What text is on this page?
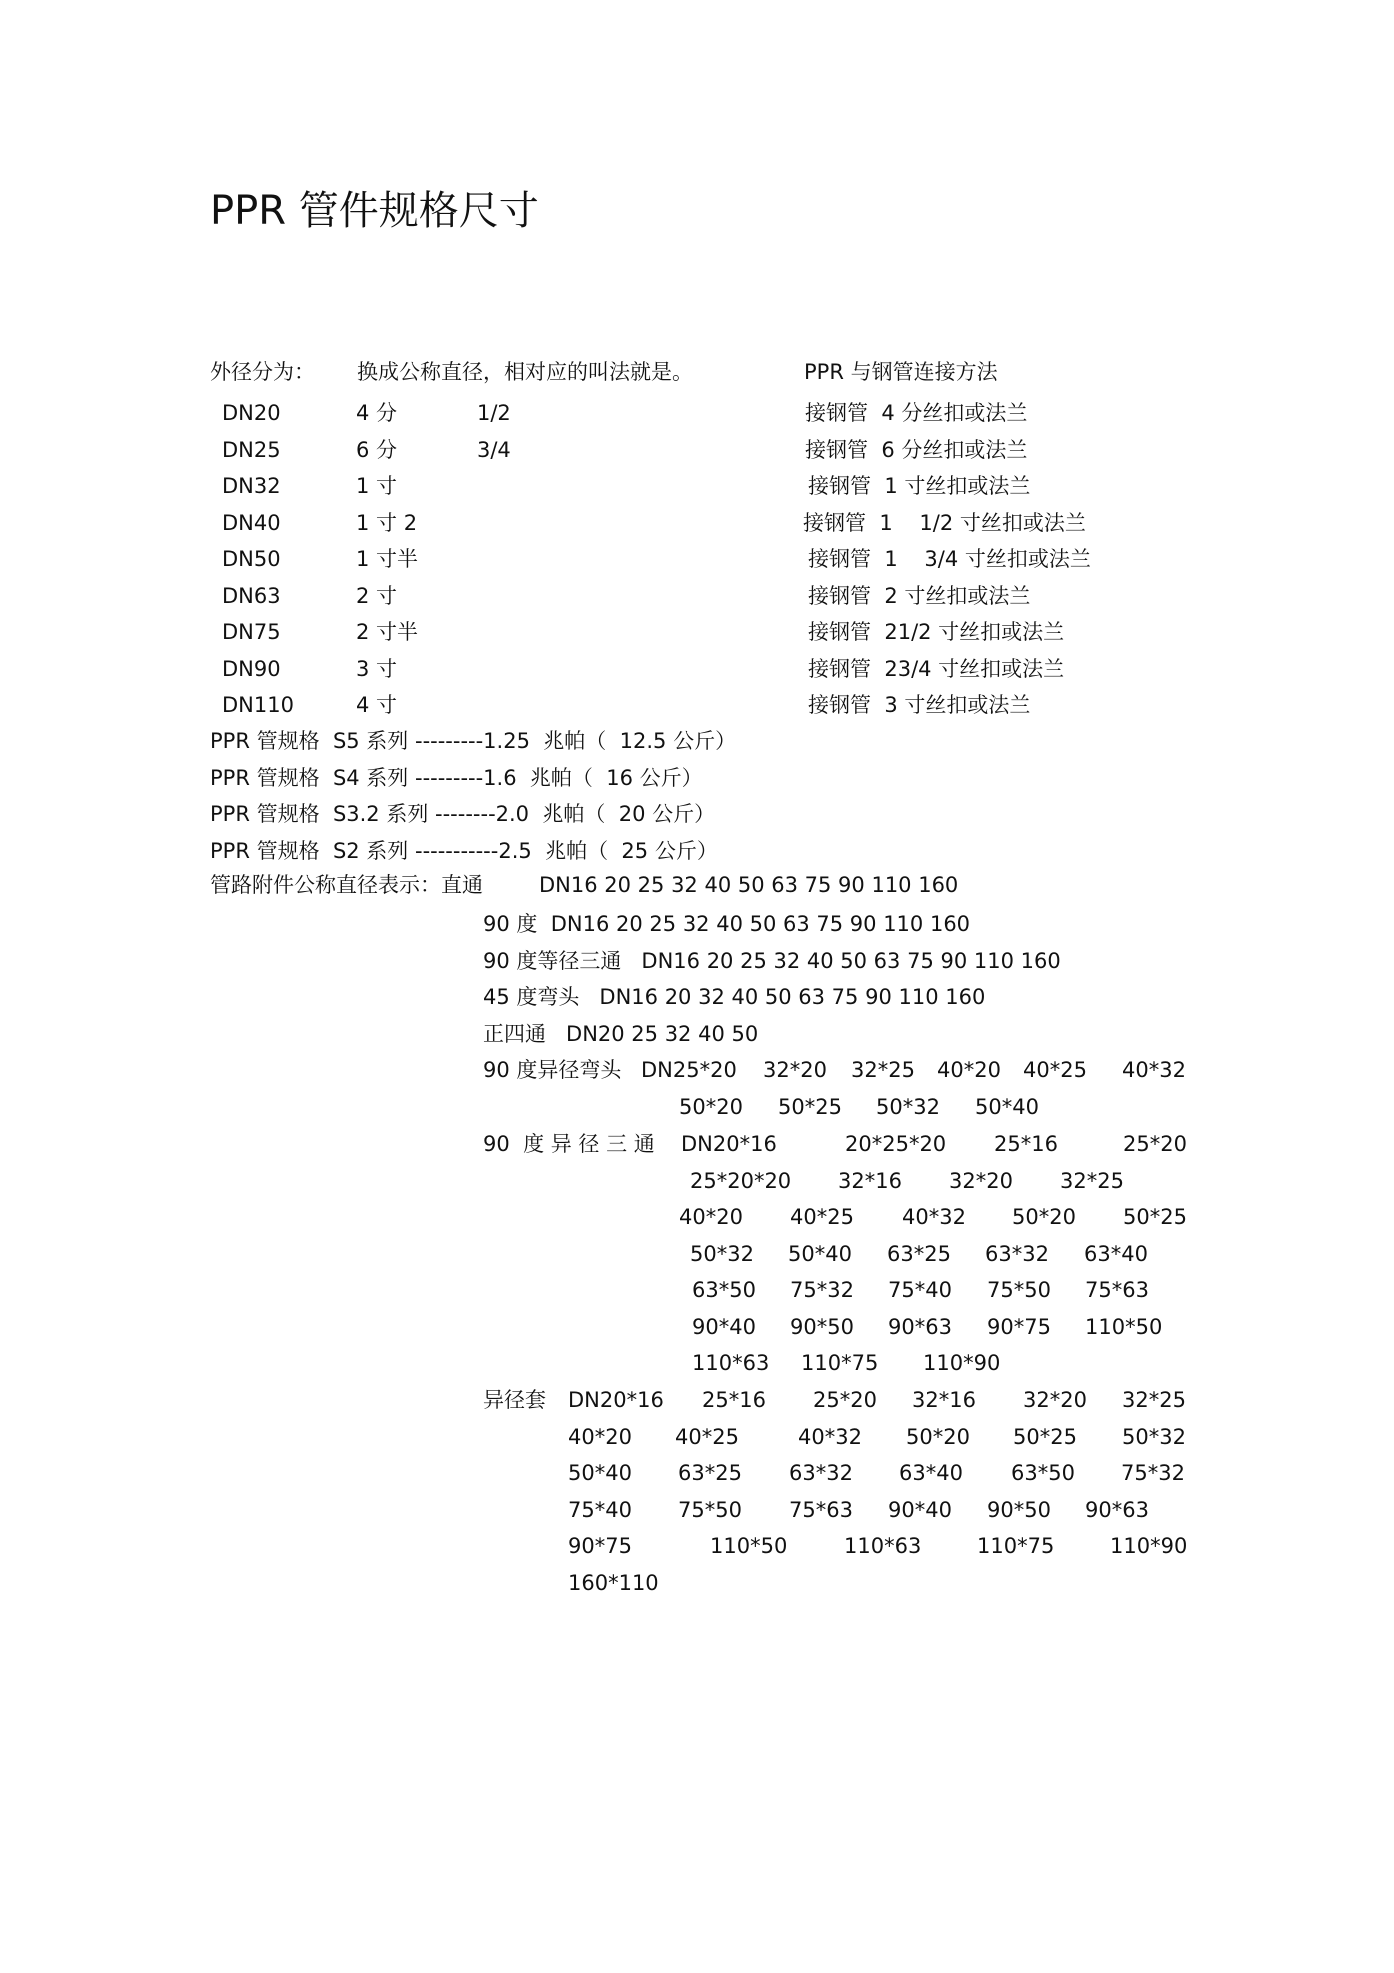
PPR 管件规格尺寸
外径分为： 换成公称直径，相对应的叫法就是。	PPR 与钢管连接方法
DN20	4 分	1/2	接钢管  4 分丝扣或法兰
DN25	6 分	3/4	接钢管  6 分丝扣或法兰
DN32	1 寸	接钢管  1 寸丝扣或法兰
DN40	1 寸 2	接钢管  1    1/2 寸丝扣或法兰
DN50	1 寸半	接钢管  1    3/4 寸丝扣或法兰
DN63	2 寸	接钢管  2 寸丝扣或法兰
DN75	2 寸半	接钢管  21/2 寸丝扣或法兰
DN90	3 寸	接钢管  23/4 寸丝扣或法兰
DN110	4 寸	接钢管  3 寸丝扣或法兰
PPR 管规格  S5 系列 ---------1.25  兆帕（  12.5 公斤）
PPR 管规格  S4 系列 ---------1.6  兆帕（  16 公斤）
PPR 管规格  S3.2 系列 --------2.0  兆帕（  20 公斤）
PPR 管规格  S2 系列 -----------2.5  兆帕（  25 公斤）
管路附件公称直径表示：直通	DN16 20 25 32 40 50 63 75 90 110 160
90 度  DN16 20 25 32 40 50 63 75 90 110 160
90 度等径三通   DN16 20 25 32 40 50 63 75 90 110 160
45 度弯头   DN16 20 32 40 50 63 75 90 110 160
正四通   DN20 25 32 40 50
90 度异径弯头 DN25*20 32*20 32*25 40*20 40*25 40*32
50*20 50*25 50*32 50*40
90  度 异 径 三 通 DN20*16	20*25*20 25*16	25*20
25*20*20 32*16 32*20 32*25
40*20 40*25 40*32 50*20 50*25
50*32 50*40 63*25 63*32 63*40
63*50 75*32 75*40 75*50 75*63
90*40 90*50 90*63 90*75 110*50
110*63 110*75 110*90
异径套 DN20*16 25*16 25*20 32*16 32*20 32*25
40*20 40*25	40*32 50*20 50*25 50*32
50*40 63*25 63*32 63*40 63*50 75*32
75*40 75*50 75*63 90*40 90*50 90*63
90*75	110*50	110*63	110*75	110*90
160*110
